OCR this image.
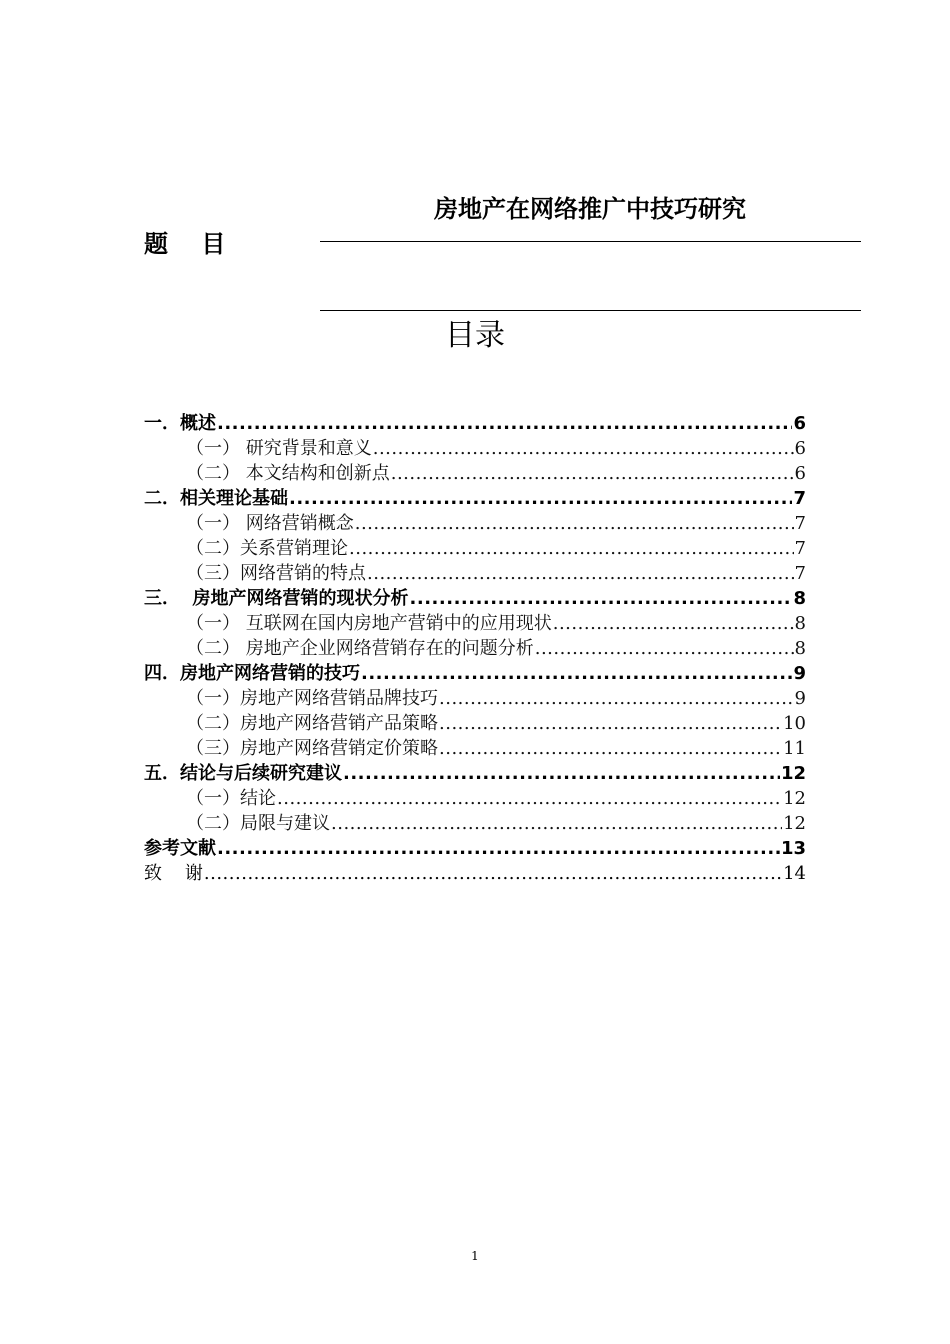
房地产在网络推广中技巧研究
题    目
目录
一．概述 .....	6
（一） 研究背景和意义 .....	6
（二） 本文结构和创新点 .....	6
二．相关理论基础 .....	7
（一） 网络营销概念 .....	7
（二）关系营销理论 .....	7
（三）网络营销的特点 .....	7
三．  房地产网络营销的现状分析 .....	8
（一） 互联网在国内房地产营销中的应用现状 .....	8
（二） 房地产企业网络营销存在的问题分析 .....	8
四．房地产网络营销的技巧 .....	9
（一）房地产网络营销品牌技巧 .....	9
（二）房地产网络营销产品策略 .....	10
（三）房地产网络营销定价策略 .....	11
五．结论与后续研究建议 .....	12
（一）结论 .....	12
（二）局限与建议 .....	12
参考文献 .....	13
致    谢 .....	14
1
